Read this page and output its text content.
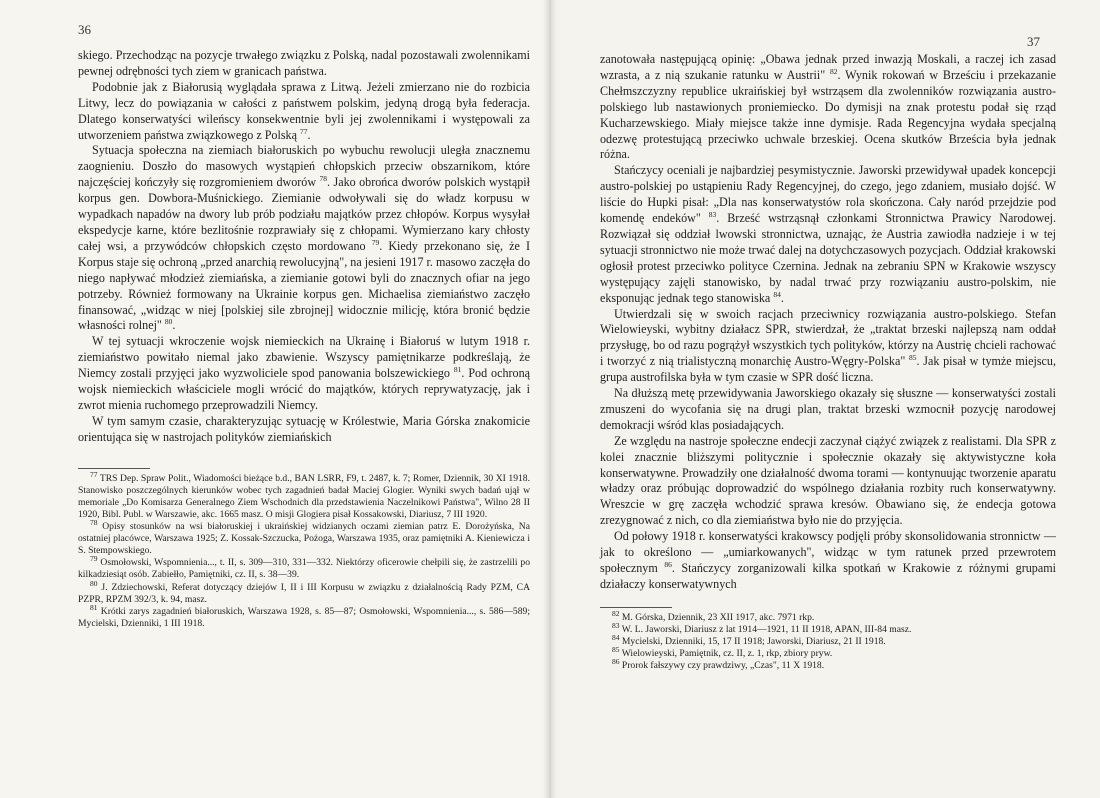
36

skiego. Przechodząc na pozycje trwałego związku z Polską, nadal pozostawali zwolennikami pewnej odrębności tych ziem w granicach państwa.

Podobnie jak z Białorusią wyglądała sprawa z Litwą. Jeżeli zmierzano nie do rozbicia Litwy, lecz do powiązania w całości z państwem polskim, jedyną drogą była federacja. Dlatego konserwatyści wileńscy konsekwentnie byli jej zwolennikami i występowali za utworzeniem państwa związkowego z Polską $^{77}$.

Sytuacja społeczna na ziemiach białoruskich po wybuchu rewolucji uległa znacznemu zaognieniu. Doszło do masowych wystąpień chłopskich przeciw obszarnikom, które najczęściej kończyły się rozgromieniem dworów $^{78}$. Jako obrońca dworów polskich wystąpił korpus gen. Dowbora-Muśnickiego. Ziemianie odwoływali się do władz korpusu w wypadkach napadów na dwory lub prób podziału majątków przez chłopów. Korpus wysyłał ekspedycje karne, które bezlitośnie rozprawiały się z chłopami. Wymierzano kary chłosty całej wsi, a przywódców chłopskich często mordowano $^{79}$. Kiedy przekonano się, że I Korpus staje się ochroną „przed anarchią rewolucyjną", na jesieni 1917 r. masowo zaczęła do niego napływać młodzież ziemiańska, a ziemianie gotowi byli do znacznych ofiar na jego potrzeby. Również formowany na Ukrainie korpus gen. Michaelisa ziemiaństwo zaczęło finansować, „widząc w niej [polskiej sile zbrojnej] widocznie milicję, która bronić będzie własności rolnej" $^{80}$.

W tej sytuacji wkroczenie wojsk niemieckich na Ukrainę i Białoruś w lutym 1918 r. ziemiaństwo powitało niemal jako zbawienie. Wszyscy pamiętnikarze podkreślają, że Niemcy zostali przyjęci jako wyzwoliciele spod panowania bolszewickiego $^{81}$. Pod ochroną wojsk niemieckich właściciele mogli wrócić do majątków, których reprywatyzację, jak i zwrot mienia ruchomego przeprowadzili Niemcy.

W tym samym czasie, charakteryzując sytuację w Królestwie, Maria Górska znakomicie orientująca się w nastrojach polityków ziemiańskich

$^{77}$ TRS Dep. Spraw Polit., Wiadomości bieżące b.d., BAN LSRR, F9, t. 2487, k. 7; Romer, Dziennik, 30 XI 1918. Stanowisko poszczególnych kierunków wobec tych zagadnień badał Maciej Glogier. Wyniki swych badań ujął w memoriale „Do Komisarza Generalnego Ziem Wschodnich dla przedstawienia Naczelnikowi Państwa", Wilno 28 II 1920, Bibl. Publ. w Warszawie, akc. 1665 masz. O misji Glogiera pisał Kossakowski, Diariusz, 7 III 1920.

$^{78}$ Opisy stosunków na wsi białoruskiej i ukraińskiej widzianych oczami ziemian patrz E. Dorożyńska, Na ostatniej placówce, Warszawa 1925; Z. Kossak-Szczucka, Pożoga, Warszawa 1935, oraz pamiętniki A. Kieniewicza i S. Stempowskiego.

$^{79}$ Osmołowski, Wspomnienia..., t. II, s. 309—310, 331—332. Niektórzy oficerowie chełpili się, że zastrzelili po kilkadziesiąt osób. Zabiełło, Pamiętniki, cz. II, s. 38—39.

$^{80}$ J. Zdziechowski, Referat dotyczący dziejów I, II i III Korpusu w związku z działalnością Rady PZM, CA PZPR, RPZM 392/3, k. 94, masz.

$^{81}$ Krótki zarys zagadnień białoruskich, Warszawa 1928, s. 85—87; Osmołowski, Wspomnienia..., s. 586—589; Mycielski, Dzienniki, 1 III 1918.

37

zanotowała następującą opinię: „Obawa jednak przed inwazją Moskali, a raczej ich zasad wzrasta, a z nią szukanie ratunku w Austrii" $^{82}$. Wynik rokowań w Brześciu i przekazanie Chełmszczyzny republice ukraińskiej był wstrząsem dla zwolenników rozwiązania austro-polskiego lub nastawionych proniemiecko. Do dymisji na znak protestu podał się rząd Kucharzewskiego. Miały miejsce także inne dymisje. Rada Regencyjna wydała specjalną odezwę protestującą przeciwko uchwale brzeskiej. Ocena skutków Brześcia była jednak różna.

Stańczycy oceniali je najbardziej pesymistycznie. Jaworski przewidywał upadek koncepcji austro-polskiej po ustąpieniu Rady Regencyjnej, do czego, jego zdaniem, musiało dojść. W liście do Hupki pisał: „Dla nas konserwatystów rola skończona. Cały naród przejdzie pod komendę endeków" $^{83}$. Brześć wstrząsnął członkami Stronnictwa Prawicy Narodowej. Rozwiązał się oddział lwowski stronnictwa, uznając, że Austria zawiodła nadzieje i w tej sytuacji stronnictwo nie może trwać dalej na dotychczasowych pozycjach. Oddział krakowski ogłosił protest przeciwko polityce Czernina. Jednak na zebraniu SPN w Krakowie wszyscy występujący zajęli stanowisko, by nadal trwać przy rozwiązaniu austro-polskim, nie eksponując jednak tego stanowiska $^{84}$.

Utwierdzali się w swoich racjach przeciwnicy rozwiązania austro-polskiego. Stefan Wielowieyski, wybitny działacz SPR, stwierdzał, że „traktat brzeski najlepszą nam oddał przysługę, bo od razu pogrążył wszystkich tych polityków, którzy na Austrię chcieli rachować i tworzyć z nią trialistyczną monarchię Austro-Węgry-Polska" $^{85}$. Jak pisał w tymże miejscu, grupa austrofilska była w tym czasie w SPR dość liczna.

Na dłuższą metę przewidywania Jaworskiego okazały się słuszne — konserwatyści zostali zmuszeni do wycofania się na drugi plan, traktat brzeski wzmocnił pozycję narodowej demokracji wśród klas posiadających.

Ze względu na nastroje społeczne endecji zaczynał ciążyć związek z realistami. Dla SPR z kolei znacznie bliższymi politycznie i społecznie okazały się aktywistyczne koła konserwatywne. Prowadziły one działalność dwoma torami — kontynuując tworzenie aparatu władzy oraz próbując doprowadzić do wspólnego działania rozbity ruch konserwatywny. Wreszcie w grę zaczęła wchodzić sprawa kresów. Obawiano się, że endecja gotowa zrezygnować z nich, co dla ziemiaństwa było nie do przyjęcia.

Od połowy 1918 r. konserwatyści krakowscy podjęli próby skonsolidowania stronnictw — jak to określono — „umiarkowanych", widząc w tym ratunek przed przewrotem społecznym $^{86}$. Stańczycy zorganizowali kilka spotkań w Krakowie z różnymi grupami działaczy konserwatywnych

$^{82}$ M. Górska, Dziennik, 23 XII 1917, akc. 7971 rkp.

$^{83}$ W. L. Jaworski, Diariusz z lat 1914—1921, 11 II 1918, APAN, III-84 masz.

$^{84}$ Mycielski, Dzienniki, 15, 17 II 1918; Jaworski, Diariusz, 21 II 1918.

$^{85}$ Wielowieyski, Pamiętnik, cz. II, z. 1, rkp, zbiory pryw.

$^{86}$ Prorok fałszywy czy prawdziwy, „Czas", 11 X 1918.
